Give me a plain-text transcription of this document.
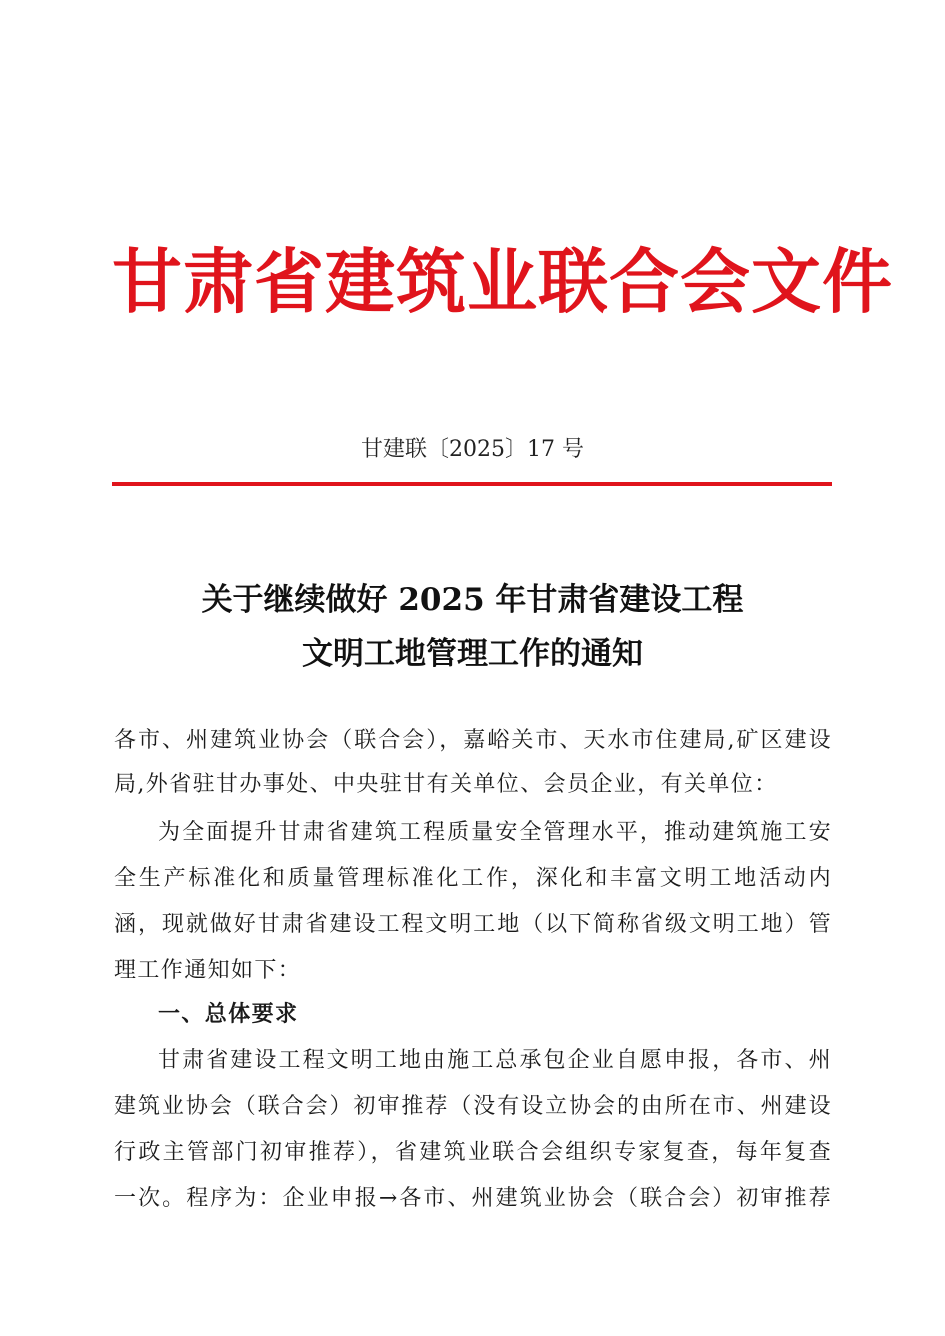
甘肃省建筑业联合会文件
甘建联〔2025〕17 号
关于继续做好 2025 年甘肃省建设工程
文明工地管理工作的通知
各市、州建筑业协会（联合会），嘉峪关市、天水市住建局,矿区建设
局,外省驻甘办事处、中央驻甘有关单位、会员企业，有关单位：
为全面提升甘肃省建筑工程质量安全管理水平，推动建筑施工安
全生产标准化和质量管理标准化工作，深化和丰富文明工地活动内
涵，现就做好甘肃省建设工程文明工地（以下简称省级文明工地）管
理工作通知如下：
一、总体要求
甘肃省建设工程文明工地由施工总承包企业自愿申报，各市、州
建筑业协会（联合会）初审推荐（没有设立协会的由所在市、州建设
行政主管部门初审推荐），省建筑业联合会组织专家复查，每年复查
一次。程序为：企业申报→各市、州建筑业协会（联合会）初审推荐
